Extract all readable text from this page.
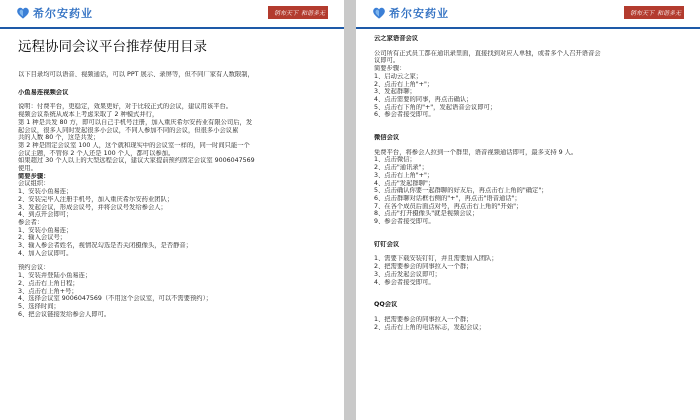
希尔安药业	销布天下 和谐多无
远程协同会议平台推荐使用目录
以下目录均可以语音、视频通话，可以 PPT 展示、录屏等，但不同厂家有人数限制，
小鱼易连视频会议
说明：付费平台，更稳定，效果更好，对于比较正式的会议，建议用该平台。
视频会议系统从成本上考虑采取了 2 种模式并行，
第 1 种是共发 80 方，即可以自己手机号注册，加入重庆希尔安药业有限公司后，发
起会议，很多人同时发起很多小会议，不同人参加不同的会议，但很多小会议累
共的人数 80 个，这是共发；
第 2 种是固定会议室 100 人，这个就和现实中的会议室一样的，同一时间只能一个
会议主题，不管你 2 个人还是 100 个人，都可以参加。
如果超过 30 个人以上的大型远程会议，建议大家提前预约固定会议室 9006047569
使用。
简要步骤：
会议组织：
1、安装小鱼易连；
2、安装完毕人注册手机号，加入重庆希尔安药业团队；
3、发起会议，形成会议号，并将会议号发给参会人；
4、到点开会即可；
参会者：
1、安装小鱼易连；
2、输入会议号；
3、输入参会者姓名，视情况勾选是否关闭摄像头，是否静音；
4、加入会议即可。
预约会议：
1、安装并登陆小鱼易连；
2、点击右上角日程；
3、点击右上角+号；
4、选择会议室 9006047569（不用这个会议室，可以不需要预约）；
5、选择时间；
6、把会议链接发给参会人即可。
希尔安药业	销布天下 和谐多无
云之家语音会议
公司所有正式员工都在通讯录里面，直接找到对应人单独，或者多个人召开语音会
议即可。
简要步骤：
1、启动云之家；
2、点击右上角"+"；
3、发起群聊；
4、点击需要的同事，再点击确认；
5、点击右下角的"+"，发起语音会议即可；
6、参会者接受即可。
微信会议
免费平台，将参会人拉到一个群里，语音视频通话即可，最多支持 9 人。
1、点击微信；
2、点击"通讯录"；
3、点击右上角"+"；
4、点击"发起群聊"；
5、点击确认你要一起群聊的好友后，再点击右上角的"确定"；
6、点击群聊对话框右侧的"+"，再点击"语音通话"；
7、在各个成员后面点对号，再点击右上角的"开始"；
8、点击"打开摄像头"就是视频会议；
9、参会者接受即可。
钉钉会议
1、需要下载安装钉钉，并且需要加入团队；
2、把需要参会的同事拉入一个群；
3、点击发起会议即可；
4、参会者接受即可。
QQ会议
1、把需要参会的同事拉入一个群；
2、点击右上角的电话标志，发起会议；
